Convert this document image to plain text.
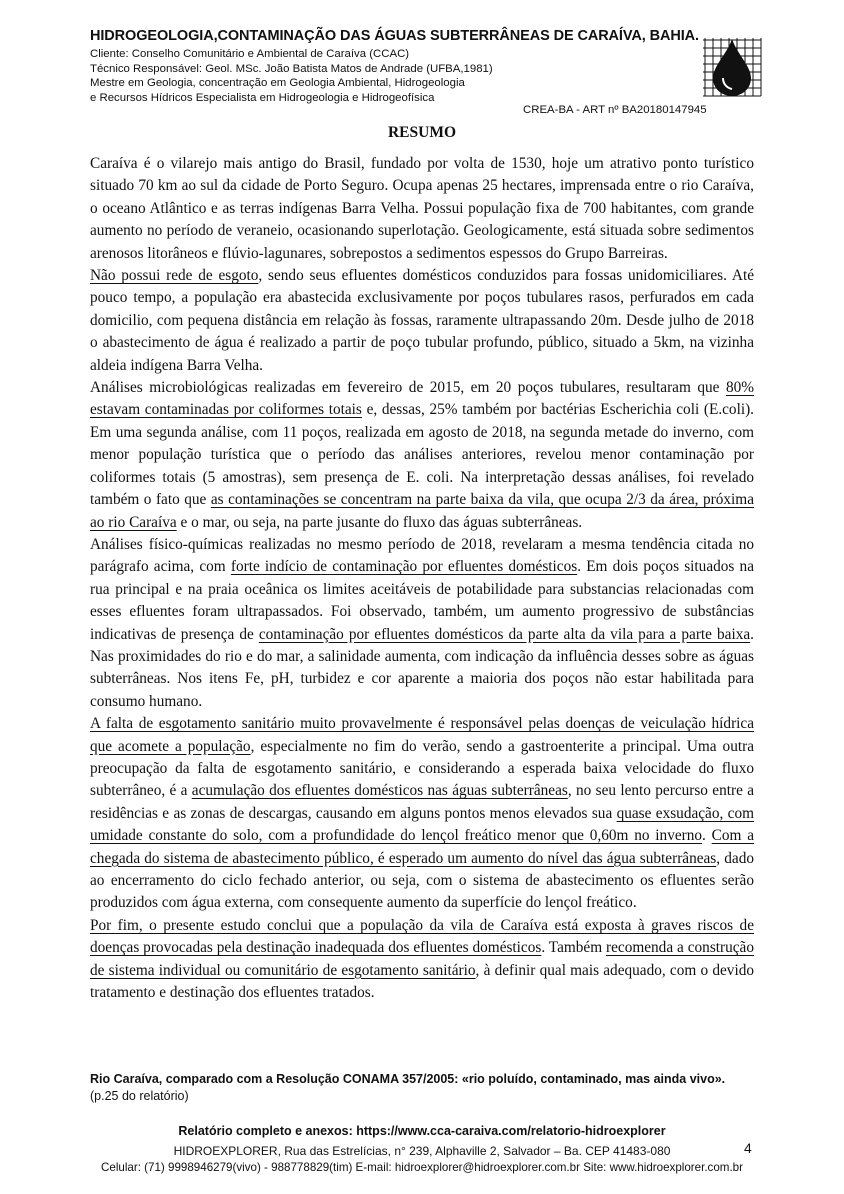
HIDROGEOLOGIA,CONTAMINAÇÃO DAS ÁGUAS SUBTERRÂNEAS DE CARAÍVA, BAHIA.
Cliente: Conselho Comunitário e Ambiental de Caraíva (CCAC)
Técnico Responsável: Geol. MSc. João Batista Matos de Andrade (UFBA,1981)
Mestre em Geologia, concentração em Geologia Ambiental, Hidrogeologia
e Recursos Hídricos Especialista em Hidrogeologia e Hidrogeofísica
CREA-BA - ART nº BA20180147945
RESUMO

Caraíva é o vilarejo mais antigo do Brasil, fundado por volta de 1530, hoje um atrativo ponto turístico situado 70 km ao sul da cidade de Porto Seguro. Ocupa apenas 25 hectares, imprensada entre o rio Caraíva, o oceano Atlântico e as terras indígenas Barra Velha. Possui população fixa de 700 habitantes, com grande aumento no período de veraneio, ocasionando superlotação. Geologicamente, está situada sobre sedimentos arenosos litorâneos e flúvio-lagunares, sobrepostos a sedimentos espessos do Grupo Barreiras.

Não possui rede de esgoto, sendo seus efluentes domésticos conduzidos para fossas unidomiciliares. Até pouco tempo, a população era abastecida exclusivamente por poços tubulares rasos, perfurados em cada domicilio, com pequena distância em relação às fossas, raramente ultrapassando 20m. Desde julho de 2018 o abastecimento de água é realizado a partir de poço tubular profundo, público, situado a 5km, na vizinha aldeia indígena Barra Velha.

Análises microbiológicas realizadas em fevereiro de 2015, em 20 poços tubulares, resultaram que 80% estavam contaminadas por coliformes totais e, dessas, 25% também por bactérias Escherichia coli (E.coli). Em uma segunda análise, com 11 poços, realizada em agosto de 2018, na segunda metade do inverno, com menor população turística que o período das análises anteriores, revelou menor contaminação por coliformes totais (5 amostras), sem presença de E. coli. Na interpretação dessas análises, foi revelado também o fato que as contaminações se concentram na parte baixa da vila, que ocupa 2/3 da área, próxima ao rio Caraíva e o mar, ou seja, na parte jusante do fluxo das águas subterrâneas.

Análises físico-químicas realizadas no mesmo período de 2018, revelaram a mesma tendência citada no parágrafo acima, com forte indício de contaminação por efluentes domésticos. Em dois poços situados na rua principal e na praia oceânica os limites aceitáveis de potabilidade para substancias relacionadas com esses efluentes foram ultrapassados. Foi observado, também, um aumento progressivo de substâncias indicativas de presença de contaminação por efluentes domésticos da parte alta da vila para a parte baixa. Nas proximidades do rio e do mar, a salinidade aumenta, com indicação da influência desses sobre as águas subterrâneas. Nos itens Fe, pH, turbidez e cor aparente a maioria dos poços não estar habilitada para consumo humano.

A falta de esgotamento sanitário muito provavelmente é responsável pelas doenças de veiculação hídrica que acomete a população, especialmente no fim do verão, sendo a gastroenterite a principal. Uma outra preocupação da falta de esgotamento sanitário, e considerando a esperada baixa velocidade do fluxo subterrâneo, é a acumulação dos efluentes domésticos nas águas subterrâneas, no seu lento percurso entre a residências e as zonas de descargas, causando em alguns pontos menos elevados sua quase exsudação, com umidade constante do solo, com a profundidade do lençol freático menor que 0,60m no inverno. Com a chegada do sistema de abastecimento público, é esperado um aumento do nível das água subterrâneas, dado ao encerramento do ciclo fechado anterior, ou seja, com o sistema de abastecimento os efluentes serão produzidos com água externa, com consequente aumento da superfície do lençol freático.

Por fim, o presente estudo conclui que a população da vila de Caraíva está exposta à graves riscos de doenças provocadas pela destinação inadequada dos efluentes domésticos. Também recomenda a construção de sistema individual ou comunitário de esgotamento sanitário, à definir qual mais adequado, com o devido tratamento e destinação dos efluentes tratados.

Rio Caraíva, comparado com a Resolução CONAMA 357/2005: «rio poluído, contaminado, mas ainda vivo».
(p.25 do relatório)
Relatório completo e anexos: https://www.cca-caraiva.com/relatorio-hidroexplorer
HIDROEXPLORER, Rua das Estrelícias, n° 239, Alphaville 2, Salvador – Ba. CEP 41483-080
Celular: (71) 9998946279(vivo) - 988778829(tim) E-mail: hidroexplorer@hidroexplorer.com.br Site: www.hidroexplorer.com.br
4
